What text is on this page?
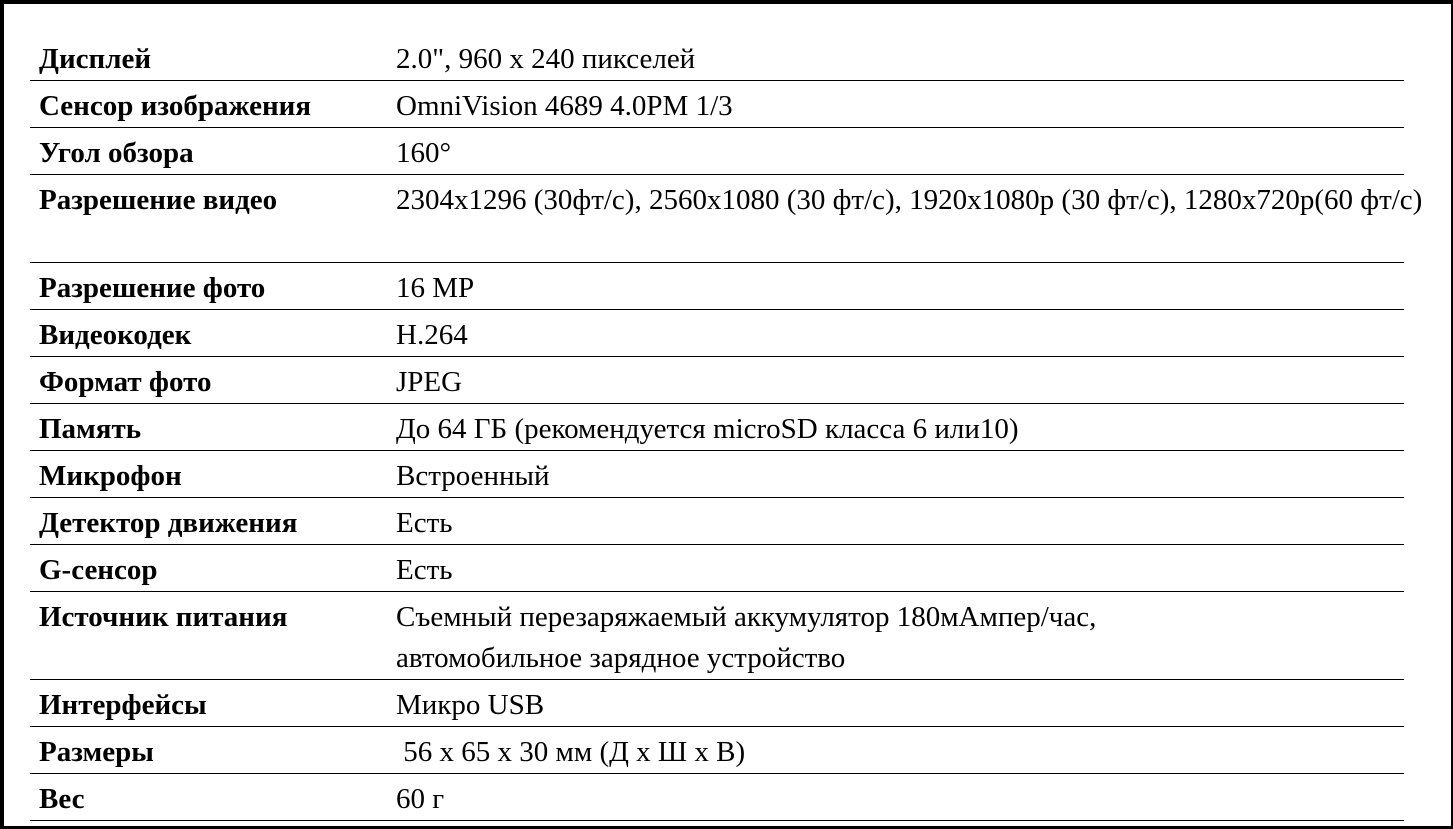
Дисплей	2.0", 960 х 240 пикселей
Сенсор изображения	OmniVision 4689 4.0PM 1/3
Угол обзора	160°
Разрешение видео	2304x1296 (30фт/с), 2560x1080 (30 фт/с), 1920x1080p (30 фт/с), 1280x720p(60 фт/с)

Разрешение фото	16 MP
Видеокодек	H.264
Формат фото	JPEG
Память	До 64 ГБ (рекомендуется microSD класса 6 или10)
Микрофон	Встроенный
Детектор движения	Есть
G-сенсор	Есть
Источник питания	Съемный перезаряжаемый аккумулятор 180мАмпер/час, автомобильное зарядное устройство
Интерфейсы	Микро USB
Размеры	56 x 65 x 30 мм (Д x Ш x В)
Вес	60 г
